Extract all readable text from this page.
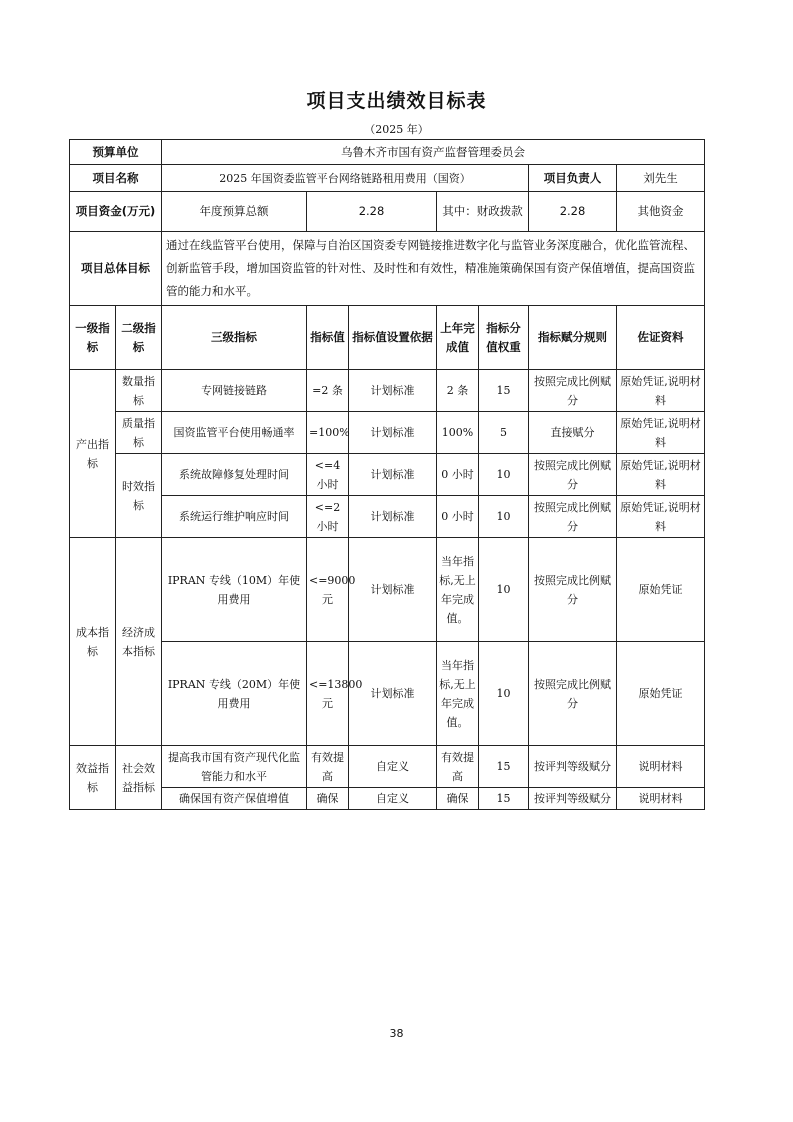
项目支出绩效目标表
（2025 年）
预算单位		乌鲁木齐市国有资产监督管理委员会							
项目名称		2025 年国资委监管平台网络链路租用费用（国资）					项目负责人	刘先生	
项目资金(万元)		年度预算总额	2.28		其中：财政拨款		2.28	其他资金	
项目总体目标		通过在线监管平台使用，保障与自治区国资委专网链接推进数字化与监管业务深度融合，优化监管流程、创新监管手段，增加国资监管的针对性、及时性和有效性，精准施策确保国有资产保值增值，提高国资监管的能力和水平。							
一级指标	二级指标	三级指标	指标值	指标值设置依据	上年完成值	指标分值权重	指标赋分规则	佐证资料	
产出指标	数量指标	专网链接链路	=2 条	计划标准	2 条	15	按照完成比例赋分	原始凭证,说明材料	
	质量指标	国资监管平台使用畅通率	=100%	计划标准	100%	5	直接赋分	原始凭证,说明材料	
	时效指标	系统故障修复处理时间	<=4 小时	计划标准	0 小时	10	按照完成比例赋分	原始凭证,说明材料	
		系统运行维护响应时间	<=2 小时	计划标准	0 小时	10	按照完成比例赋分	原始凭证,说明材料	
成本指标	经济成本指标	IPRAN 专线（10M）年使用费用	<=9000 元	计划标准	当年指标,无上年完成值。	10	按照完成比例赋分	原始凭证	
		IPRAN 专线（20M）年使用费用	<=13800 元	计划标准	当年指标,无上年完成值。	10	按照完成比例赋分	原始凭证	
效益指标	社会效益指标	提高我市国有资产现代化监管能力和水平	有效提高	自定义	有效提高	15	按评判等级赋分	说明材料	
		确保国有资产保值增值	确保	自定义	确保	15	按评判等级赋分	说明材料	
38
